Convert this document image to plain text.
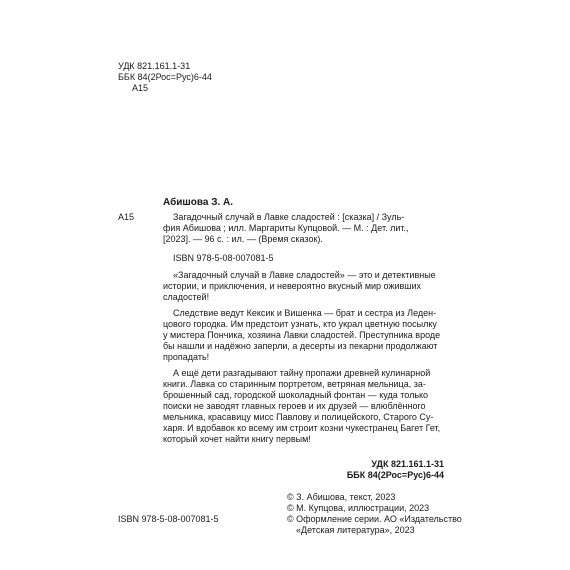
УДК 821.161.1-31
ББК 84(2Рос=Рус)6-44
А15
Абишова З. А.
А15	Загадочный случай в Лавке сладостей : [сказка] / Зуль-
фия Абишова ; илл. Маргариты Купцовой. — М. : Дет. лит.,
[2023]. — 96 с. : ил. — (Время сказок).
ISBN 978-5-08-007081-5
«Загадочный случай в Лавке сладостей» — это и детективные
истории, и приключения, и невероятно вкусный мир оживших
сладостей!
Следствие ведут Кексик и Вишенка — брат и сестра из Леден-
цового городка. Им предстоит узнать, кто украл цветную посылку
у мистера Пончика, хозяина Лавки сладостей. Преступника вроде
бы нашли и надёжно заперли, а десерты из пекарни продолжают
пропадать!
А ещё дети разгадывают тайну пропажи древней кулинарной
книги. Лавка со старинным портретом, ветряная мельница, за-
брошенный сад, городской шоколадный фонтан — куда только
поиски не заводят главных героев и их друзей — влюблённого
мельника, красавицу мисс Павлову и полицейского, Старого Су-
харя. И вдобавок ко всему им строит козни чукестранец Багет Гет,
который хочет найти книгу первым!
УДК 821.161.1-31
ББК 84(2Рос=Рус)6-44
© З. Абишова, текст, 2023
© М. Купцова, иллюстрации, 2023
© Оформление серии. АО «Издательство
«Детская литература», 2023
ISBN 978-5-08-007081-5
